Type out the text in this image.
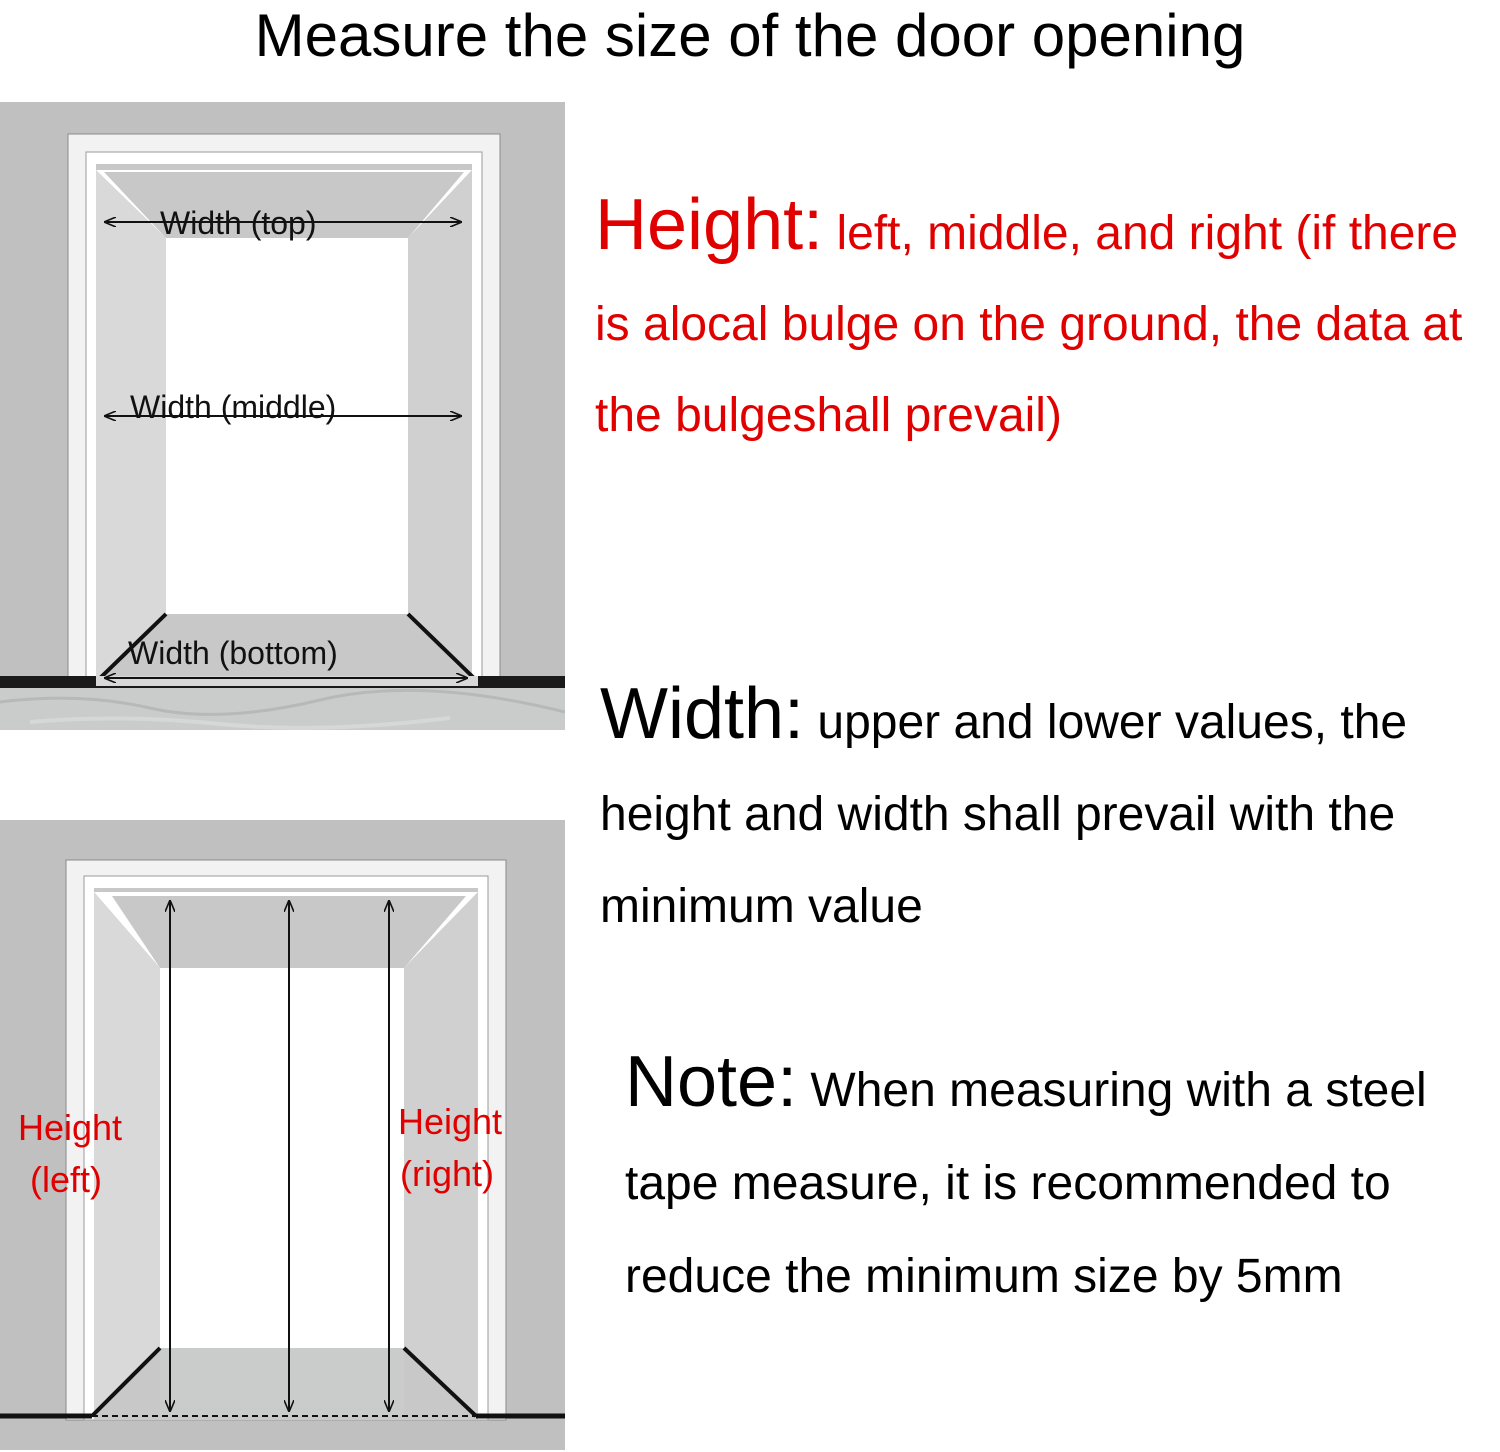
Measure the size of the door opening
Width (top)
Width (middle)
Width (bottom)
Height
(left)
Height
(right)

Height: left, middle, and right (if there is alocal bulge on the ground, the data at the bulgeshall prevail)

Width: upper and lower values, the height and width shall prevail with the minimum value

Note: When measuring with a steel tape measure, it is recommended to reduce the minimum size by 5mm
